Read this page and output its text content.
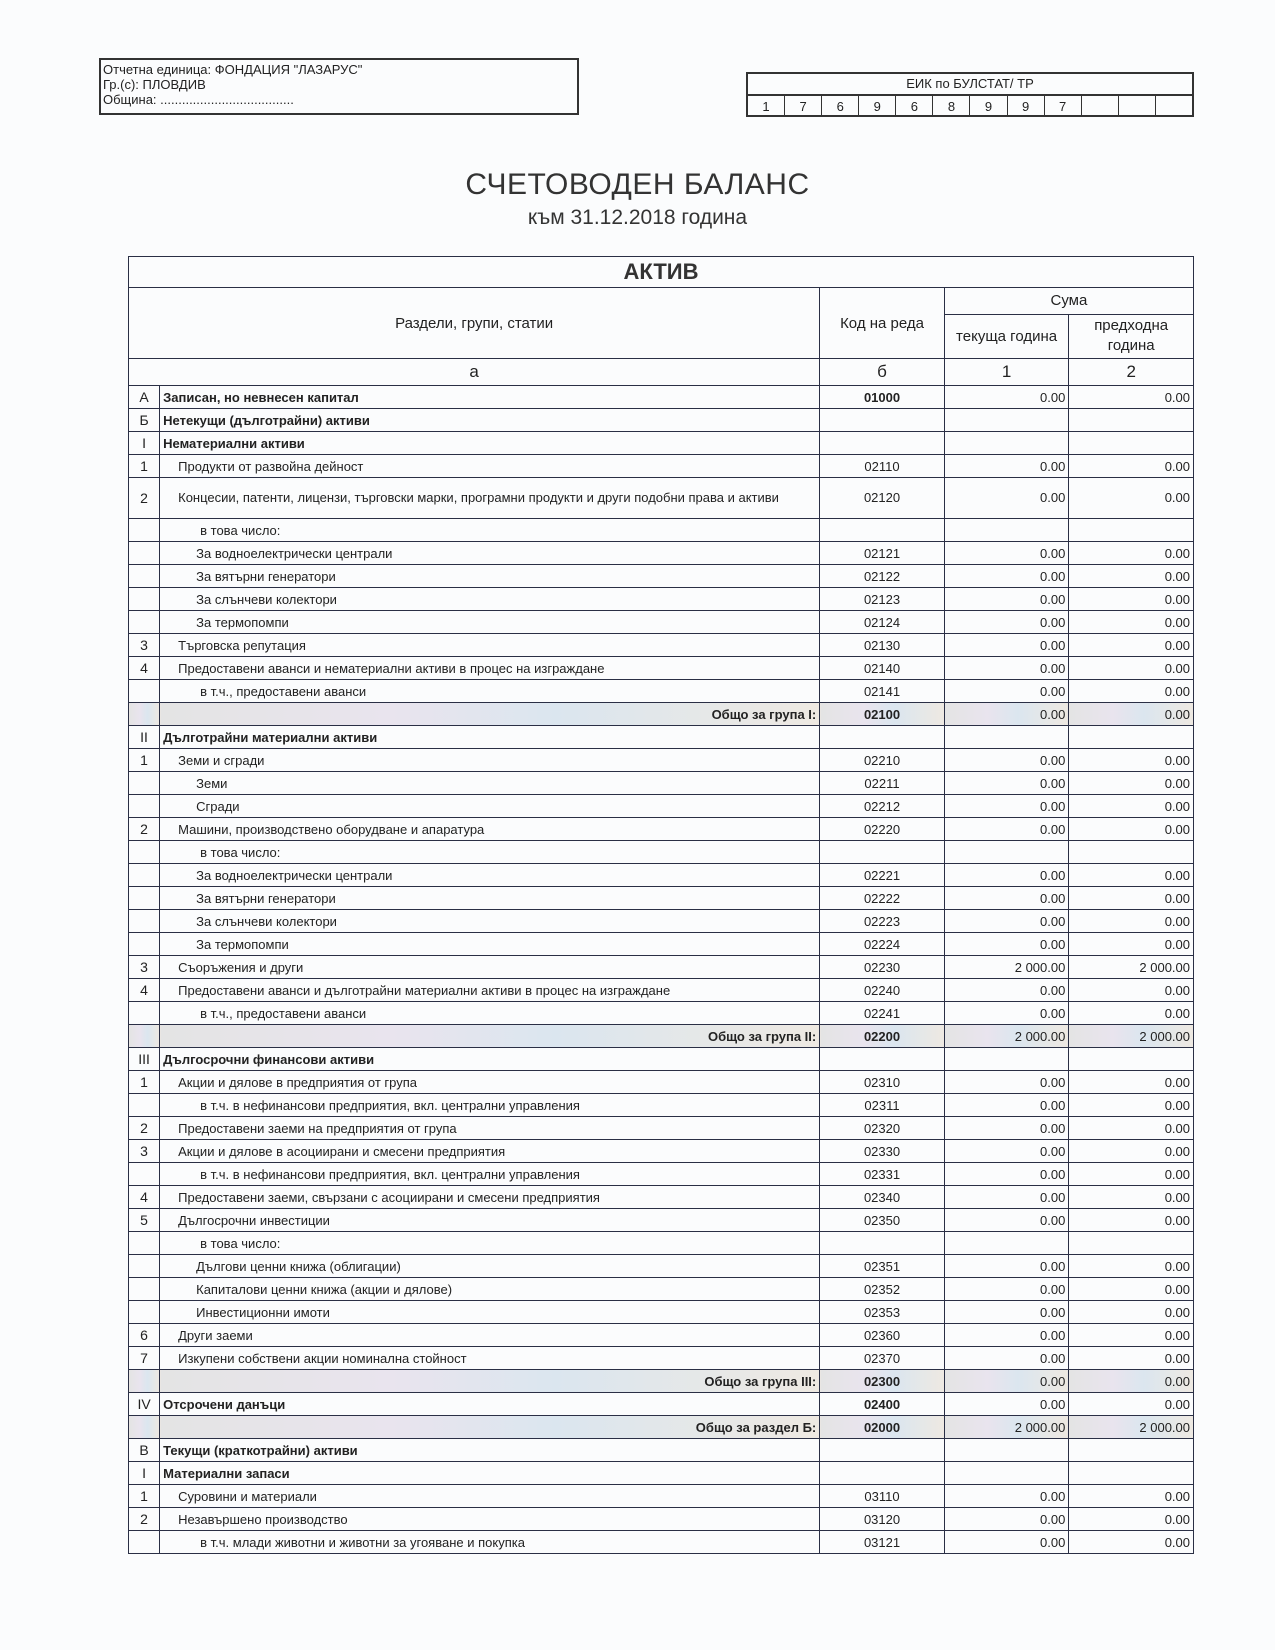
Отчетна единица: ФОНДАЦИЯ "ЛАЗАРУС"
Гр.(с): ПЛОВДИВ
Община: .....................................
ЕИК по БУЛСТАТ/ ТР
1	7	6	9	6	8	9	9	7
СЧЕТОВОДЕН БАЛАНС
към 31.12.2018 година
АКТИВ				
Раздели, групи, статии		Код на реда	Сума	
			текуща година	предходна година
а		б	1	2
А	Записан, но невнесен капитал	01000	0.00	0.00
Б	Нетекущи (дълготрайни) активи			
I	Нематериални активи			
1	Продукти от развойна дейност	02110	0.00	0.00
2	Концесии, патенти, лицензи, търговски марки, програмни продукти и други подобни права и активи	02120	0.00	0.00
	в това число:			
	За водноелектрически централи	02121	0.00	0.00
	За вятърни генератори	02122	0.00	0.00
	За слънчеви колектори	02123	0.00	0.00
	За термопомпи	02124	0.00	0.00
3	Търговска репутация	02130	0.00	0.00
4	Предоставени аванси и нематериални активи в процес на изграждане	02140	0.00	0.00
	в т.ч., предоставени аванси	02141	0.00	0.00
	Общо за група I:	02100	0.00	0.00
II	Дълготрайни материални активи			
1	Земи и сгради	02210	0.00	0.00
	Земи	02211	0.00	0.00
	Сгради	02212	0.00	0.00
2	Машини, производствено оборудване и апаратура	02220	0.00	0.00
	в това число:			
	За водноелектрически централи	02221	0.00	0.00
	За вятърни генератори	02222	0.00	0.00
	За слънчеви колектори	02223	0.00	0.00
	За термопомпи	02224	0.00	0.00
3	Съоръжения и други	02230	2 000.00	2 000.00
4	Предоставени аванси и дълготрайни материални активи в процес на изграждане	02240	0.00	0.00
	в т.ч., предоставени аванси	02241	0.00	0.00
	Общо за група II:	02200	2 000.00	2 000.00
III	Дългосрочни финансови активи			
1	Акции и дялове в предприятия от група	02310	0.00	0.00
	в т.ч. в нефинансови предприятия, вкл. централни управления	02311	0.00	0.00
2	Предоставени заеми на предприятия от група	02320	0.00	0.00
3	Акции и дялове в асоциирани и смесени предприятия	02330	0.00	0.00
	в т.ч. в нефинансови предприятия, вкл. централни управления	02331	0.00	0.00
4	Предоставени заеми, свързани с асоциирани и смесени предприятия	02340	0.00	0.00
5	Дългосрочни инвестиции	02350	0.00	0.00
	в това число:			
	Дългови ценни книжа (облигации)	02351	0.00	0.00
	Капиталови ценни книжа (акции и дялове)	02352	0.00	0.00
	Инвестиционни имоти	02353	0.00	0.00
6	Други заеми	02360	0.00	0.00
7	Изкупени собствени акции номинална стойност	02370	0.00	0.00
	Общо за група III:	02300	0.00	0.00
IV	Отсрочени данъци	02400	0.00	0.00
	Общо за раздел Б:	02000	2 000.00	2 000.00
В	Текущи (краткотрайни) активи			
I	Материални запаси			
1	Суровини и материали	03110	0.00	0.00
2	Незавършено производство	03120	0.00	0.00
	в т.ч. млади животни и животни за угояване и покупка	03121	0.00	0.00
